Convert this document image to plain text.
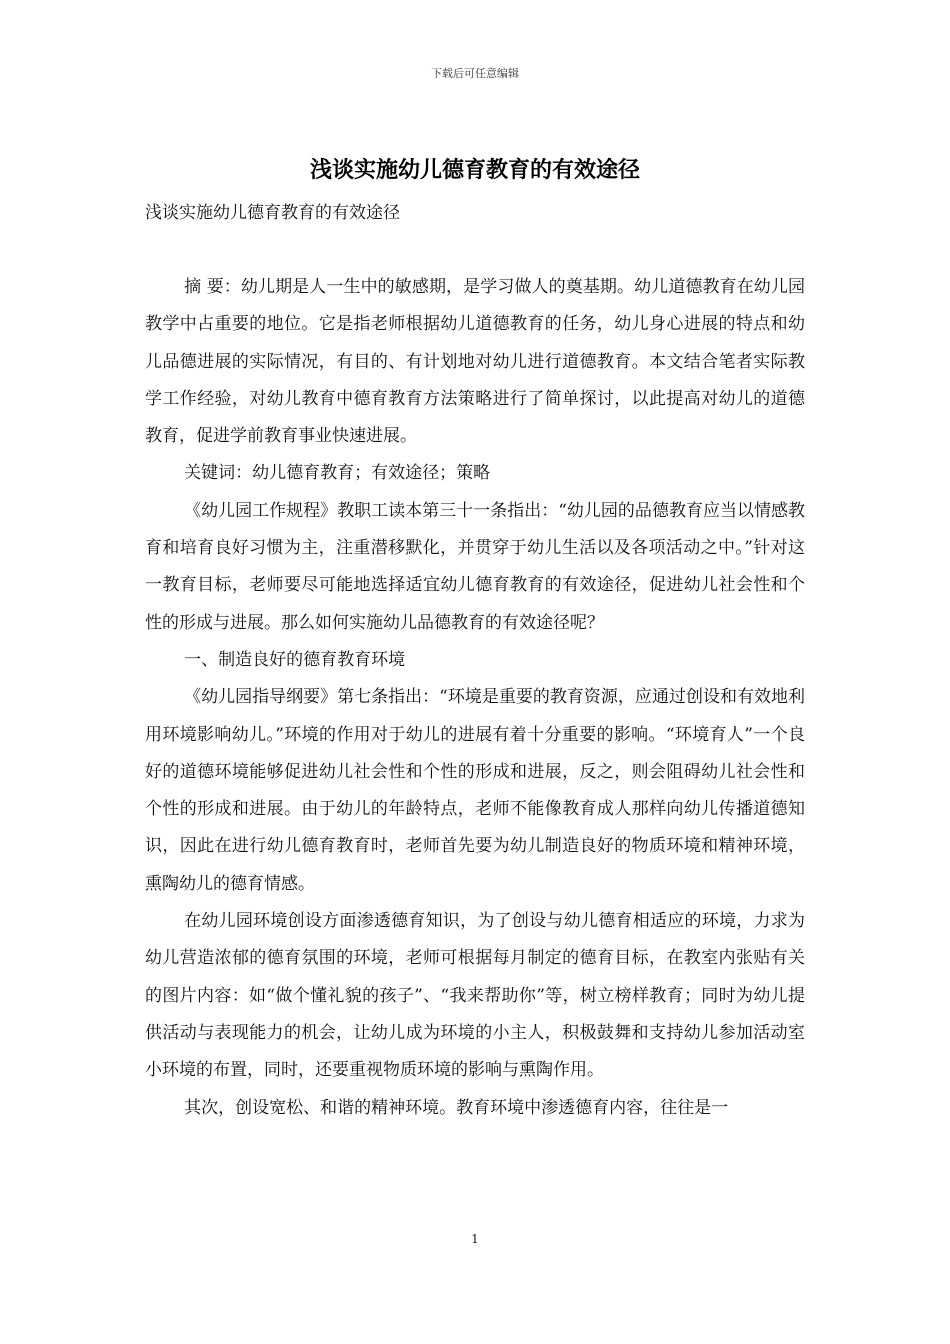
下载后可任意编辑
浅谈实施幼儿德育教育的有效途径

浅谈实施幼儿德育教育的有效途径

摘 要：幼儿期是人一生中的敏感期，是学习做人的奠基期。幼儿道德教育在幼儿园教学中占重要的地位。它是指老师根据幼儿道德教育的任务，幼儿身心进展的特点和幼儿品德进展的实际情况，有目的、有计划地对幼儿进行道德教育。本文结合笔者实际教学工作经验，对幼儿教育中德育教育方法策略进行了简单探讨，以此提高对幼儿的道德教育，促进学前教育事业快速进展。

关键词：幼儿德育教育；有效途径；策略

《幼儿园工作规程》教职工读本第三十一条指出：“幼儿园的品德教育应当以情感教育和培育良好习惯为主，注重潜移默化，并贯穿于幼儿生活以及各项活动之中。”针对这一教育目标，老师要尽可能地选择适宜幼儿德育教育的有效途径，促进幼儿社会性和个性的形成与进展。那么如何实施幼儿品德教育的有效途径呢？

一、制造良好的德育教育环境

《幼儿园指导纲要》第七条指出：“环境是重要的教育资源，应通过创设和有效地利用环境影响幼儿。”环境的作用对于幼儿的进展有着十分重要的影响。“环境育人”一个良好的道德环境能够促进幼儿社会性和个性的形成和进展，反之，则会阻碍幼儿社会性和个性的形成和进展。由于幼儿的年龄特点，老师不能像教育成人那样向幼儿传播道德知识，因此在进行幼儿德育教育时，老师首先要为幼儿制造良好的物质环境和精神环境，熏陶幼儿的德育情感。

在幼儿园环境创设方面渗透德育知识，为了创设与幼儿德育相适应的环境，力求为幼儿营造浓郁的德育氛围的环境，老师可根据每月制定的德育目标，在教室内张贴有关的图片内容：如“做个懂礼貌的孩子”、“我来帮助你”等，树立榜样教育；同时为幼儿提供活动与表现能力的机会，让幼儿成为环境的小主人，积极鼓舞和支持幼儿参加活动室小环境的布置，同时，还要重视物质环境的影响与熏陶作用。

其次，创设宽松、和谐的精神环境。教育环境中渗透德育内容，往往是一

1
